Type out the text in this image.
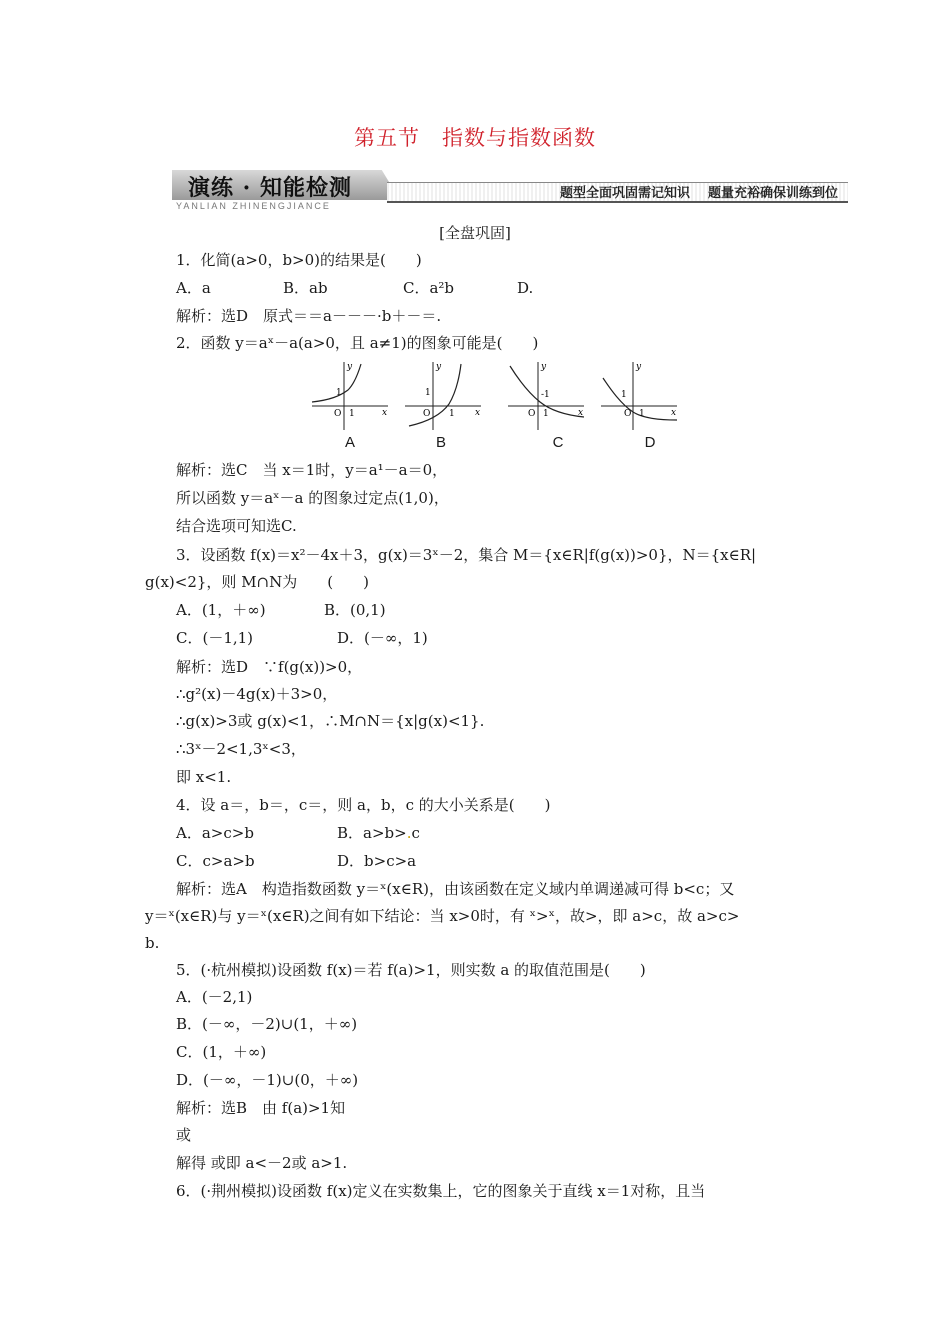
第五节 指数与指数函数
演练 · 知能检测
YANLIAN ZHINENGJIANCE
题型全面巩固需记知识 题量充裕确保训练到位
[全盘巩固]
1．化简(a>0，b>0)的结果是(　　)
A．a	B．ab	C．a²b	D.
解析：选D　原式＝＝a－－－·b＋－＝.
2．函数 y＝aˣ－a(a>0，且 a≠1)的图象可能是(　　)
y
x
O 1
1
y
x
O 1
1
y
x
O 1
-1
y
x
O 1
1
A	B	C	D
解析：选C　当 x＝1时，y＝a¹－a＝0，
所以函数 y＝aˣ－a 的图象过定点(1,0)，
结合选项可知选C.
3．设函数 f(x)＝x²－4x＋3，g(x)＝3ˣ－2，集合 M＝{x∈R|f(g(x))>0}，N＝{x∈R|
g(x)<2}，则 M∩N为　　(　　)
A．(1，＋∞)	B．(0,1)
C．(－1,1)	D．(－∞，1)
解析：选D　∵f(g(x))>0，
∴g²(x)－4g(x)＋3>0，
∴g(x)>3或 g(x)<1，∴M∩N＝{x|g(x)<1}.
∴3ˣ－2<1,3ˣ<3，
即 x<1.
4．设 a＝，b＝，c＝，则 a，b，c 的大小关系是(　　)
A．a>c>b	B．a>b>.c
C．c>a>b	D．b>c>a
解析：选A　构造指数函数 y＝ˣ(x∈R)，由该函数在定义域内单调递减可得 b<c；又
y＝ˣ(x∈R)与 y＝ˣ(x∈R)之间有如下结论：当 x>0时，有 ˣ>ˣ，故>，即 a>c，故 a>c>
b.
5．(·杭州模拟)设函数 f(x)＝若 f(a)>1，则实数 a 的取值范围是(　　)
A．(－2,1)
B．(－∞，－2)∪(1，＋∞)
C．(1，＋∞)
D．(－∞，－1)∪(0，＋∞)
解析：选B　由 f(a)>1知
或
解得 或即 a<－2或 a>1.
6．(·荆州模拟)设函数 f(x)定义在实数集上，它的图象关于直线 x＝1对称，且当
